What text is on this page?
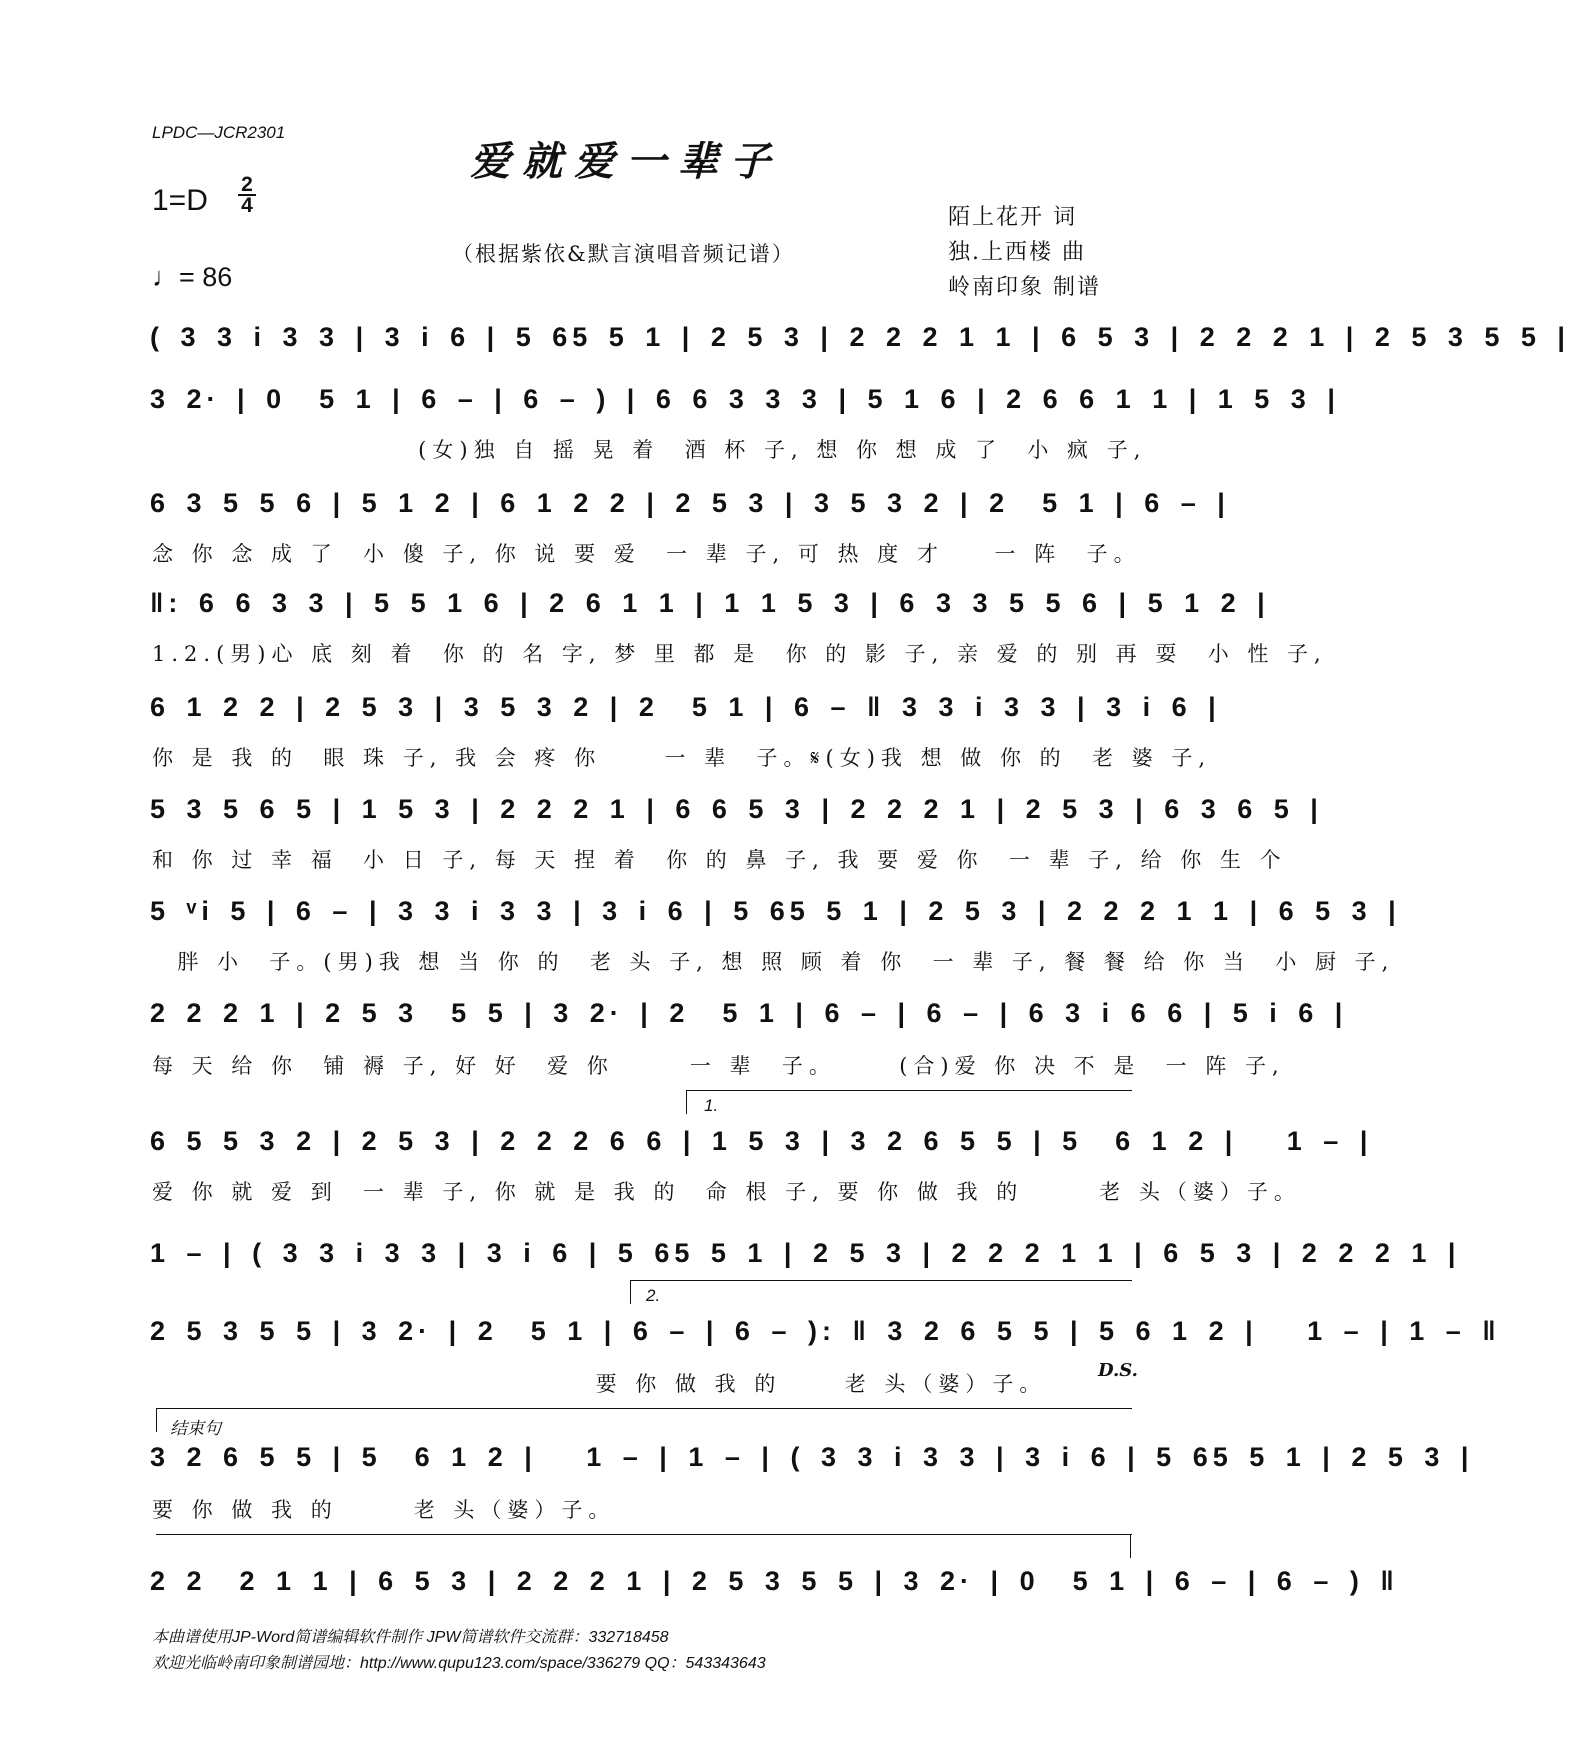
LPDC—JCR2301
爱就爱一辈子
1=D 2
4
♩= 86
（根据紫依&默言演唱音频记谱）
陌上花开 词
独.上西楼 曲
岭南印象 制谱
( 3 3 i 3 3 | 3 i 6 | 5 65 5 1 | 2 5 3 | 2 2 2 1 1 | 6 5 3 | 2 2 2 1 | 2 5 3 5 5 |
3 2· | 0  5 1 | 6 – | 6 – ) | 6 6 3 3 3 | 5 1 6 | 2 6 6 1 1 | 1 5 3 |
(女)独 自 摇 晃 着  酒 杯 子, 想 你 想 成 了  小 疯 子,
6 3 5 5 6 | 5 1 2 | 6 1 2 2 | 2 5 3 | 3 5 3 2 | 2  5 1 | 6 – |
念 你 念 成 了  小 傻 子, 你 说 要 爱  一 辈 子, 可 热 度 才    一 阵  子。
‖: 6 6 3 3 | 5 5 1 6 | 2 6 1 1 | 1 1 5 3 | 6 3 3 5 5 6 | 5 1 2 |
1.2.(男)心 底 刻 着  你 的 名 字, 梦 里 都 是  你 的 影 子, 亲 爱 的 别 再 耍  小 性 子,
6 1 2 2 | 2 5 3 | 3 5 3 2 | 2  5 1 | 6 – ‖ 3 3 i 3 3 | 3 i 6 |
你 是 我 的  眼 珠 子, 我 会 疼 你     一 辈  子。𝄋(女)我 想 做 你 的  老 婆 子,
5 3 5 6 5 | 1 5 3 | 2 2 2 1 | 6 6 5 3 | 2 2 2 1 | 2 5 3 | 6 3 6 5 |
和 你 过 幸 福  小 日 子, 每 天 捏 着  你 的 鼻 子, 我 要 爱 你  一 辈 子, 给 你 生 个
5 ᵛi 5 | 6 – | 3 3 i 3 3 | 3 i 6 | 5 65 5 1 | 2 5 3 | 2 2 2 1 1 | 6 5 3 |
胖 小  子。(男)我 想 当 你 的  老 头 子, 想 照 顾 着 你  一 辈 子, 餐 餐 给 你 当  小 厨 子,
2 2 2 1 | 2 5 3  5 5 | 3 2· | 2  5 1 | 6 – | 6 – | 6 3 i 6 6 | 5 i 6 |
每 天 给 你  铺 褥 子, 好 好  爱 你      一 辈  子。     (合)爱 你 决 不 是  一 阵 子,
1.
6 5 5 3 2 | 2 5 3 | 2 2 2 6 6 | 1 5 3 | 3 2 6 5 5 | 5  6 1 2 |   1 – |
爱 你 就 爱 到  一 辈 子, 你 就 是 我 的  命 根 子, 要 你 做 我 的      老 头（婆）子。
1 – | ( 3 3 i 3 3 | 3 i 6 | 5 65 5 1 | 2 5 3 | 2 2 2 1 1 | 6 5 3 | 2 2 2 1 |
2.
2 5 3 5 5 | 3 2· | 2  5 1 | 6 – | 6 – ): ‖ 3 2 6 5 5 | 5 6 1 2 |   1 – | 1 – ‖
要 你 做 我 的     老 头（婆）子。
D.S.
结束句
3 2 6 5 5 | 5  6 1 2 |   1 – | 1 – | ( 3 3 i 3 3 | 3 i 6 | 5 65 5 1 | 2 5 3 |
要 你 做 我 的      老 头（婆）子。
2 2  2 1 1 | 6 5 3 | 2 2 2 1 | 2 5 3 5 5 | 3 2· | 0  5 1 | 6 – | 6 – ) ‖
本曲谱使用JP-Word简谱编辑软件制作 JPW简谱软件交流群：332718458
欢迎光临岭南印象制谱园地：http://www.qupu123.com/space/336279 QQ：543343643
